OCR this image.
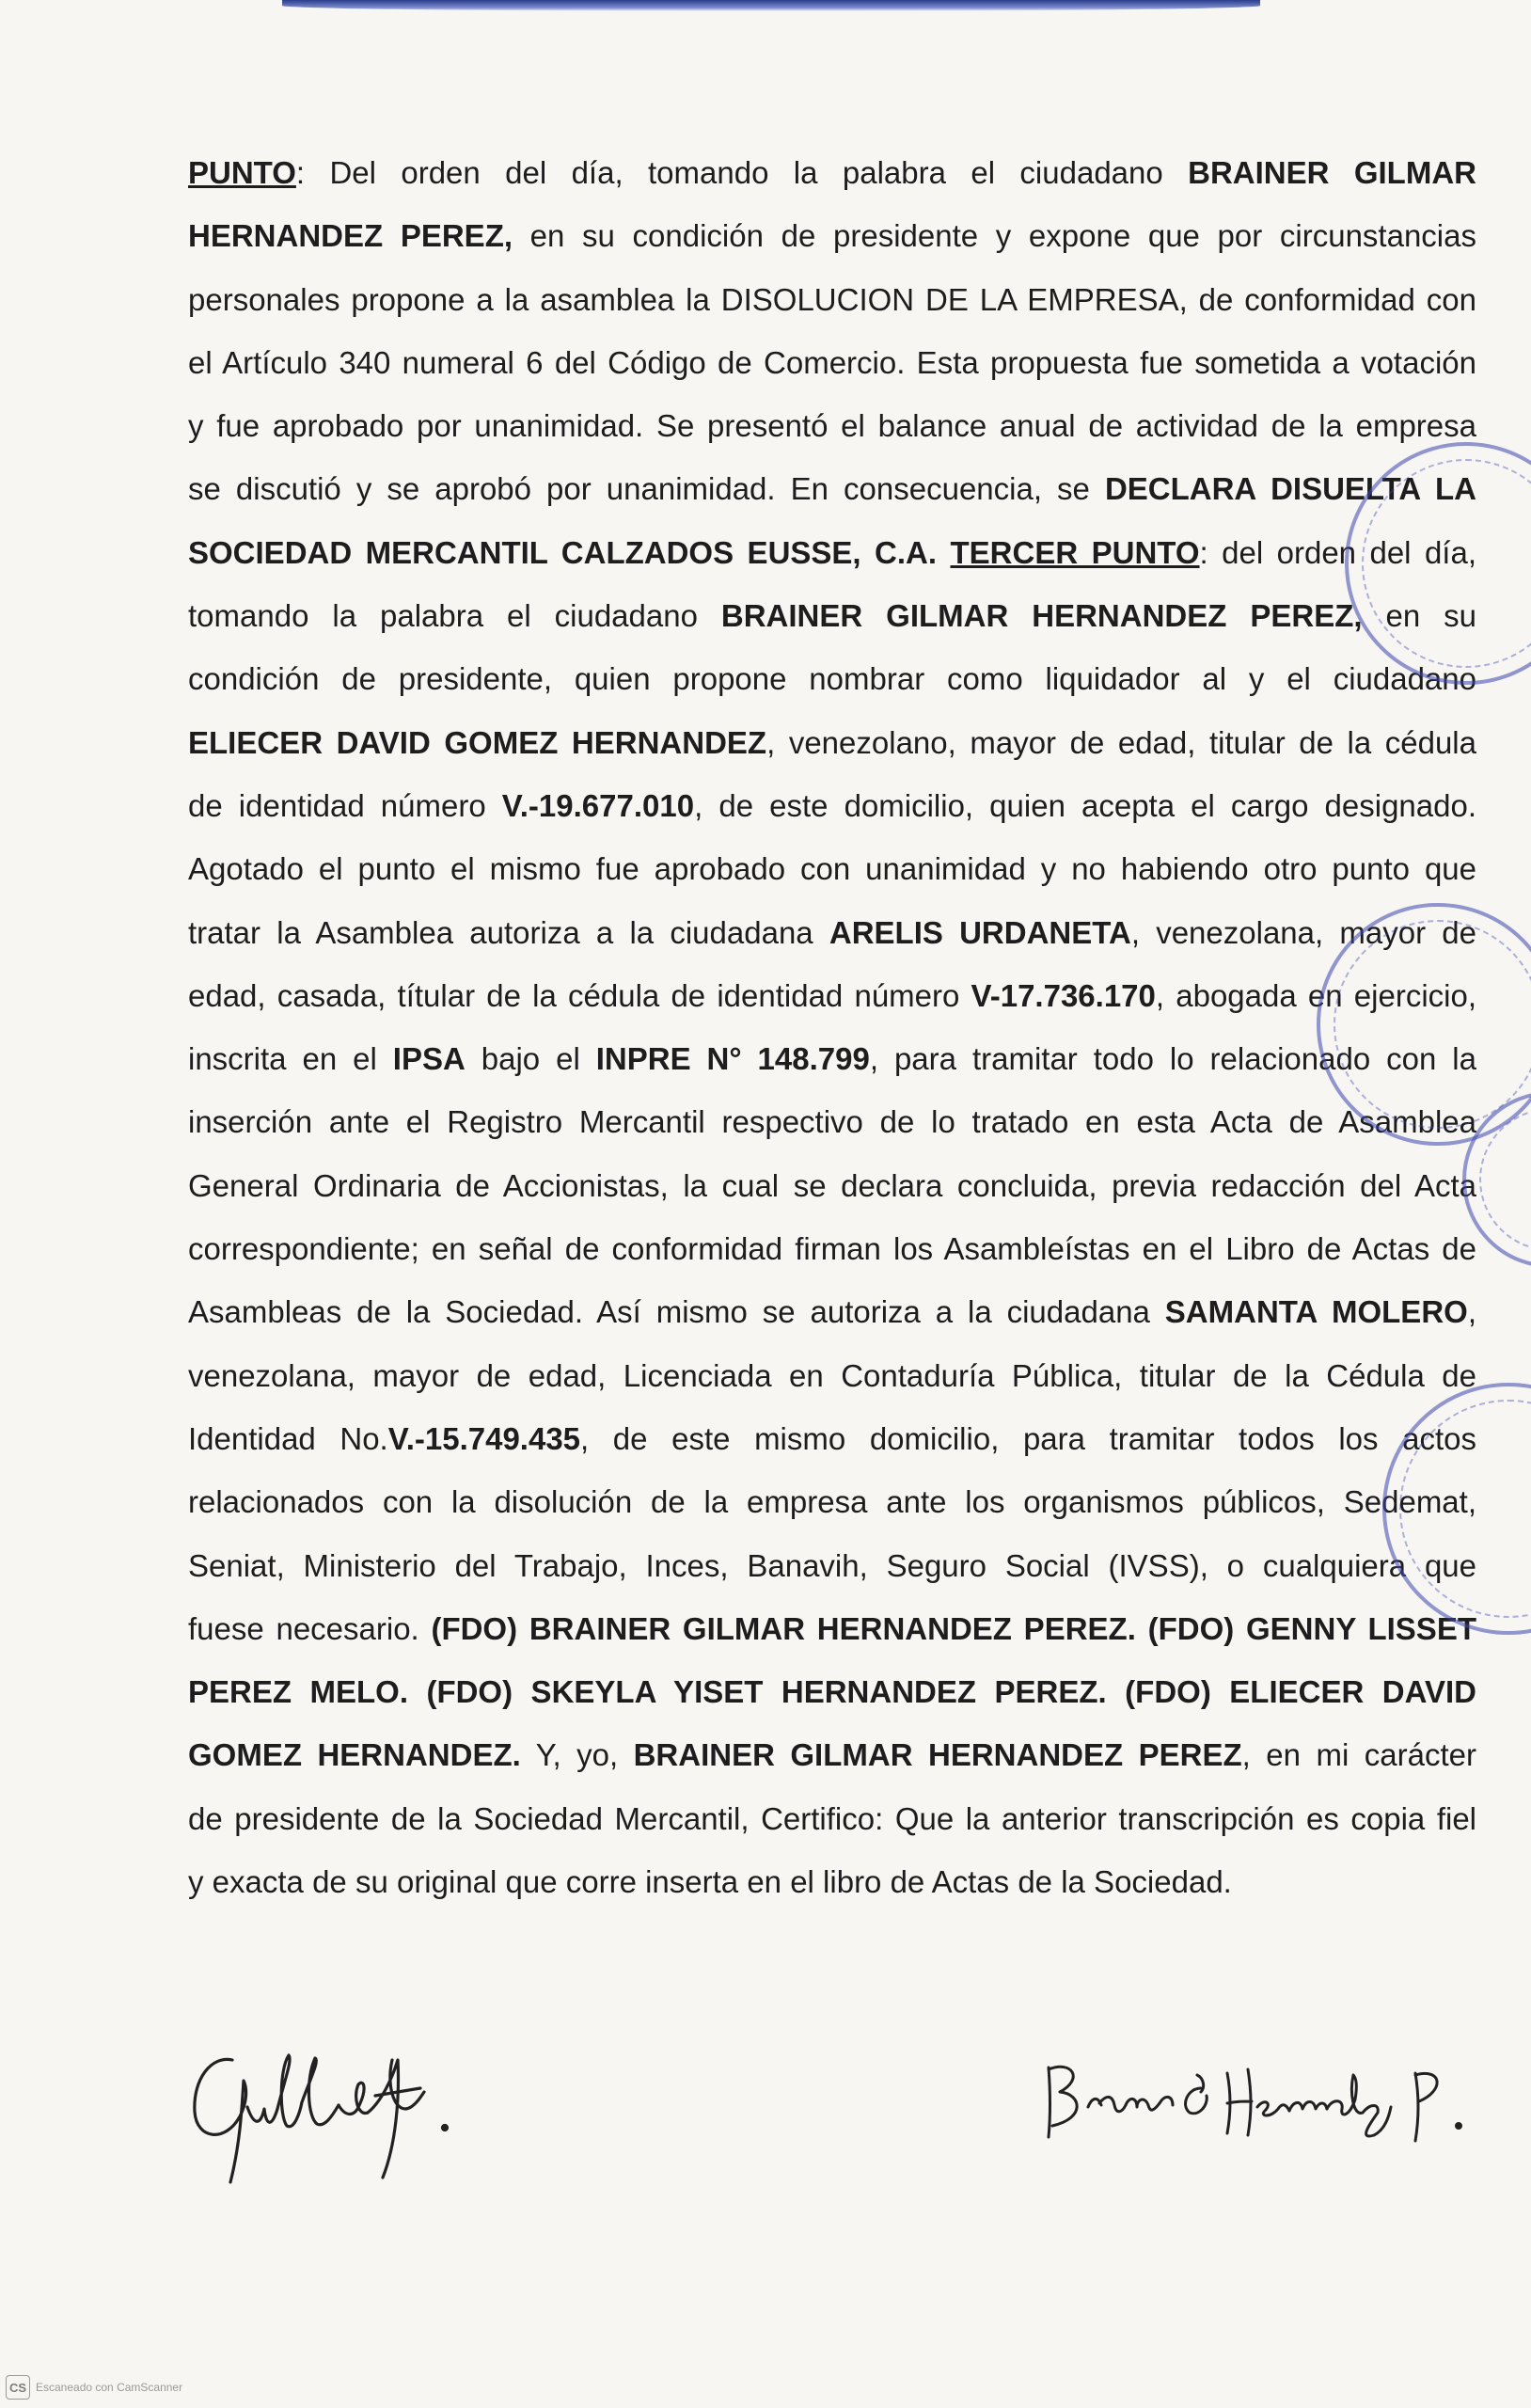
PUNTO: Del orden del día, tomando la palabra el ciudadano BRAINER GILMAR
HERNANDEZ PEREZ, en su condición de presidente y expone que por circunstancias
personales propone a la asamblea la DISOLUCION DE LA EMPRESA, de conformidad con
el Artículo 340 numeral 6 del Código de Comercio. Esta propuesta fue sometida a votación
y fue aprobado por unanimidad. Se presentó el balance anual de actividad de la empresa
se discutió y se aprobó por unanimidad. En consecuencia, se DECLARA DISUELTA LA
SOCIEDAD MERCANTIL CALZADOS EUSSE, C.A. TERCER PUNTO: del orden del día,
tomando la palabra el ciudadano BRAINER GILMAR HERNANDEZ PEREZ, en su
condición de presidente, quien propone nombrar como liquidador al y el ciudadano
ELIECER DAVID GOMEZ HERNANDEZ, venezolano, mayor de edad, titular de la cédula
de identidad número V.-19.677.010, de este domicilio, quien acepta el cargo designado.
Agotado el punto el mismo fue aprobado con unanimidad y no habiendo otro punto que
tratar la Asamblea autoriza a la ciudadana ARELIS URDANETA, venezolana, mayor de
edad, casada, títular de la cédula de identidad número V-17.736.170, abogada en ejercicio,
inscrita en el IPSA bajo el INPRE N° 148.799, para tramitar todo lo relacionado con la
inserción ante el Registro Mercantil respectivo de lo tratado en esta Acta de Asamblea
General Ordinaria de Accionistas, la cual se declara concluida, previa redacción del Acta
correspondiente; en señal de conformidad firman los Asambleístas en el Libro de Actas de
Asambleas de la Sociedad. Así mismo se autoriza a la ciudadana SAMANTA MOLERO,
venezolana, mayor de edad, Licenciada en Contaduría Pública, titular de la Cédula de
Identidad No.V.-15.749.435, de este mismo domicilio, para tramitar todos los actos
relacionados con la disolución de la empresa ante los organismos públicos, Sedemat,
Seniat, Ministerio del Trabajo, Inces, Banavih, Seguro Social (IVSS), o cualquiera que
fuese necesario. (FDO) BRAINER GILMAR HERNANDEZ PEREZ. (FDO) GENNY LISSET
PEREZ MELO. (FDO) SKEYLA YISET HERNANDEZ PEREZ. (FDO) ELIECER DAVID
GOMEZ HERNANDEZ. Y, yo, BRAINER GILMAR HERNANDEZ PEREZ, en mi carácter
de presidente de la Sociedad Mercantil, Certifico: Que la anterior transcripción es copia fiel
y exacta de su original que corre inserta en el libro de Actas de la Sociedad.
CS Escaneado con CamScanner
